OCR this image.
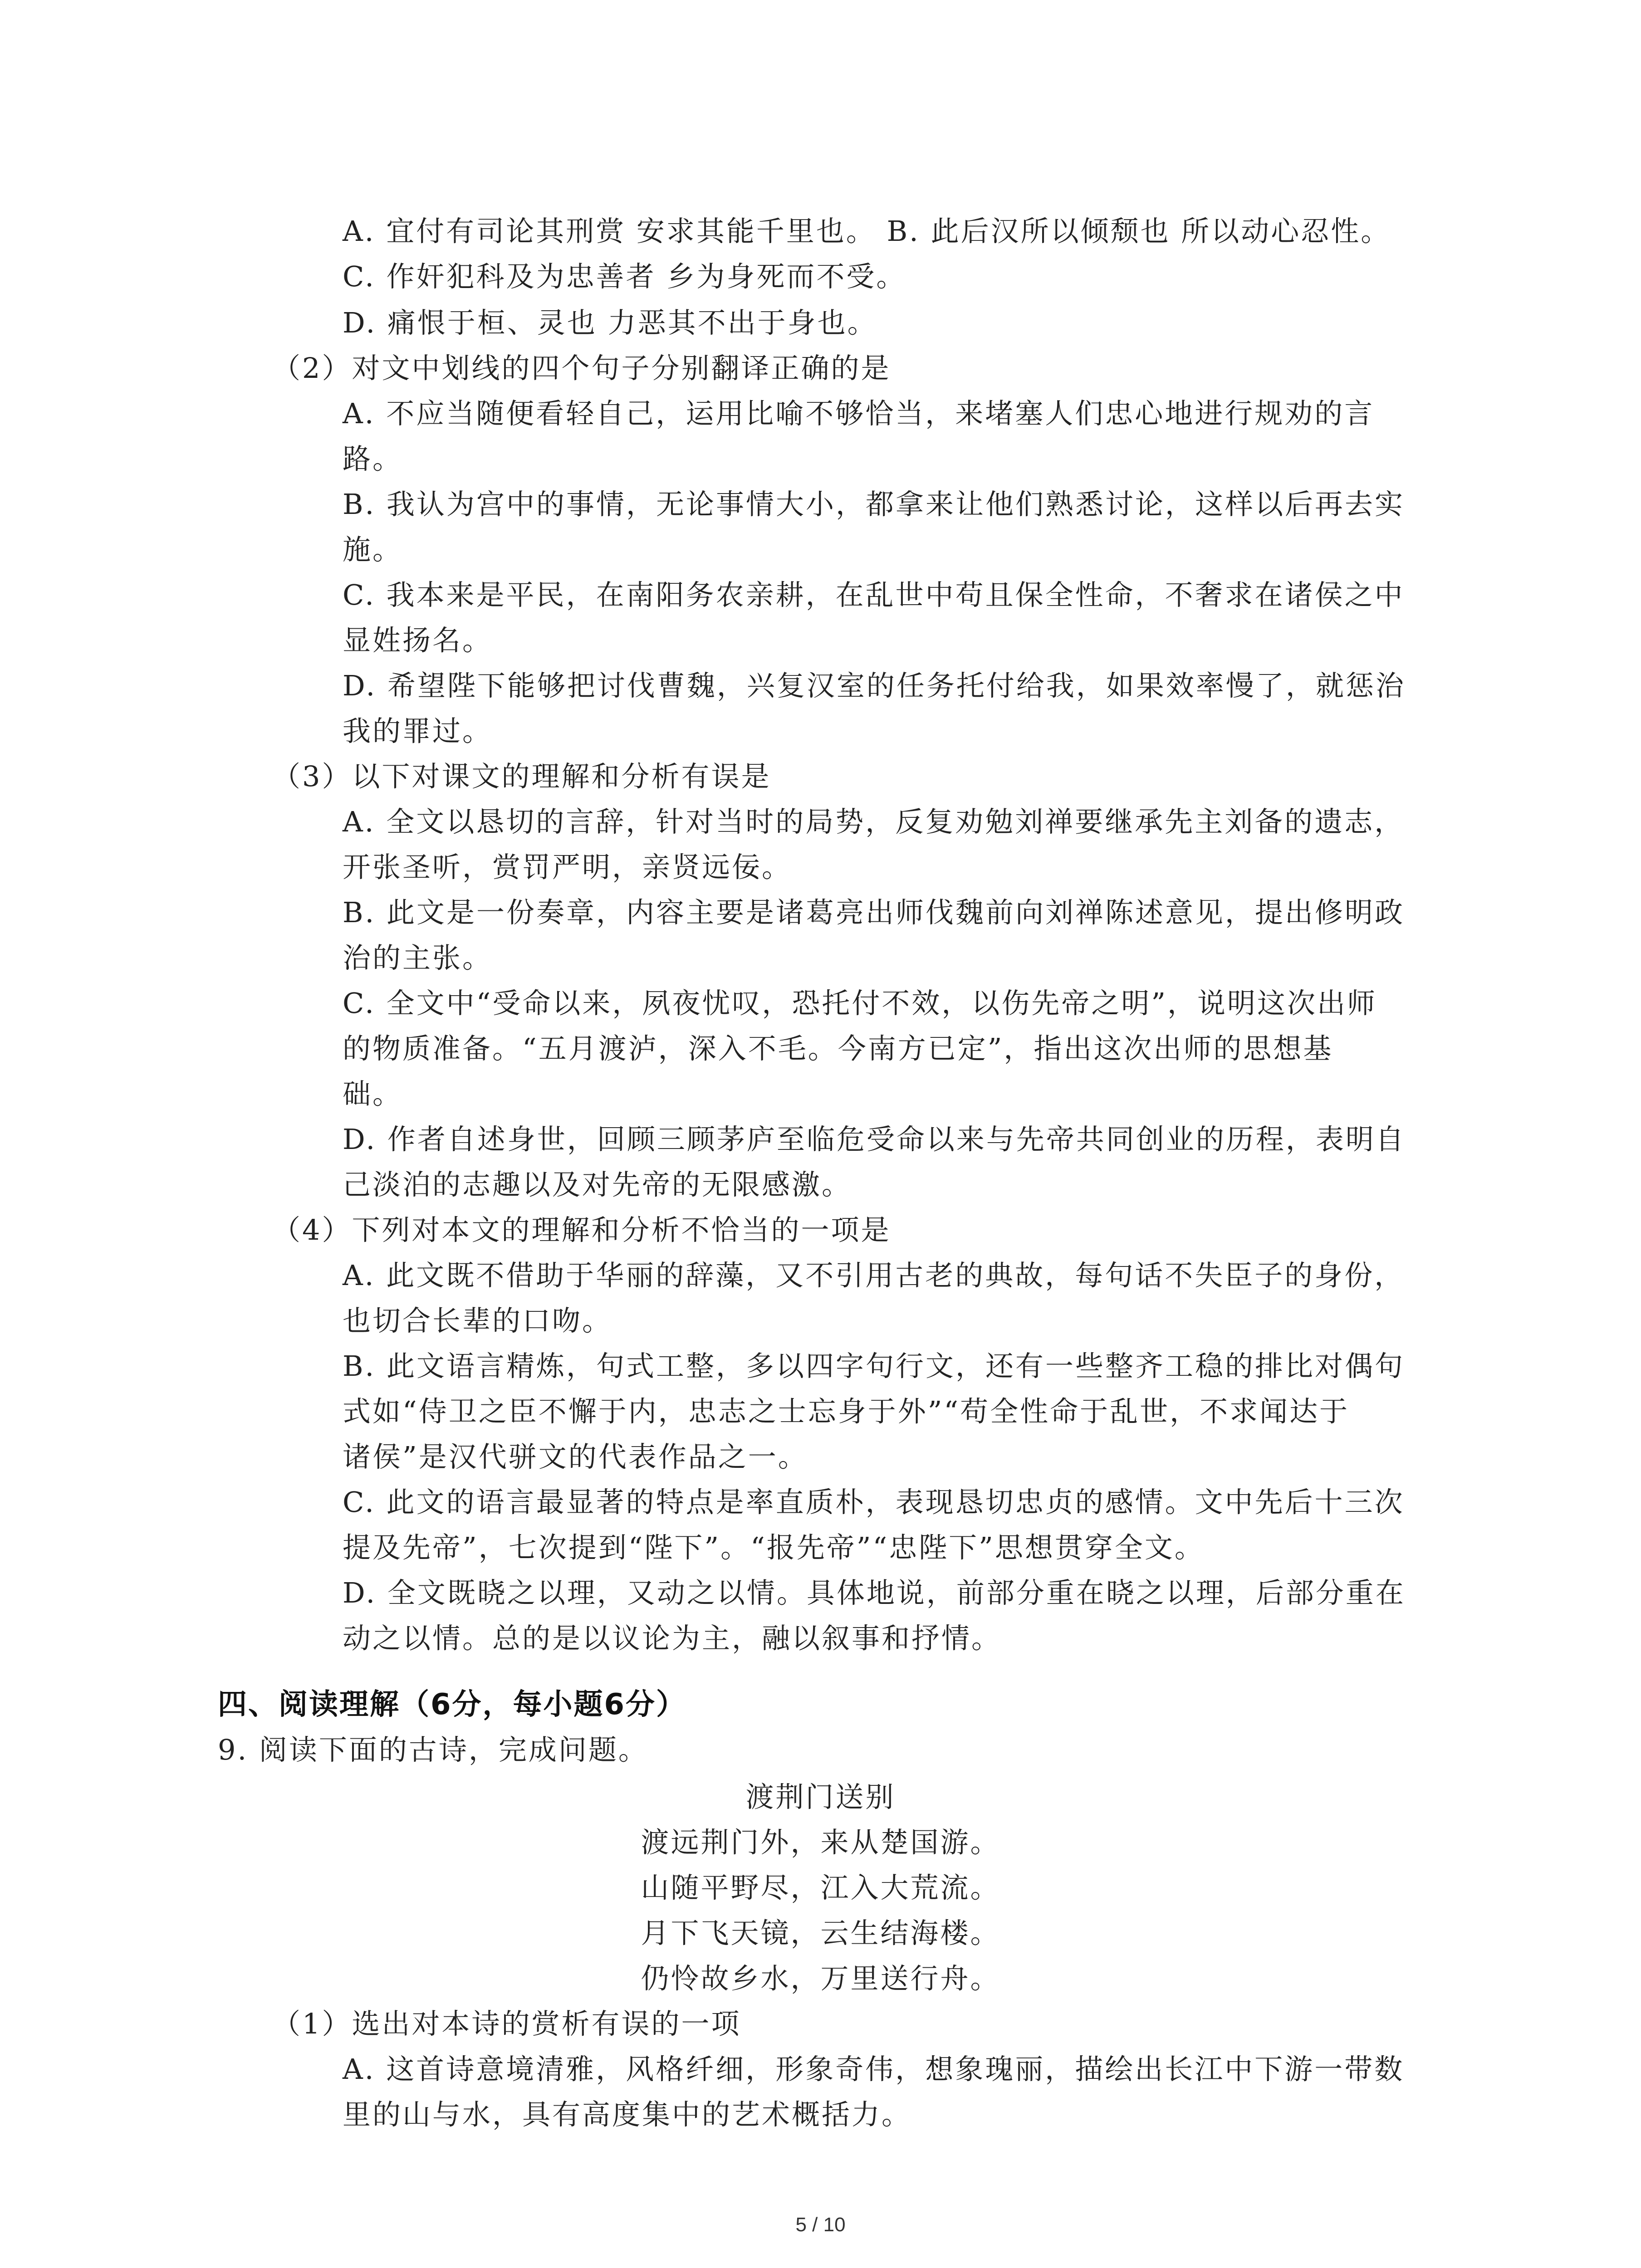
A. 宜付有司论其刑赏 安求其能千里也。 B. 此后汉所以倾颓也 所以动心忍性。
C. 作奸犯科及为忠善者 乡为身死而不受。
D. 痛恨于桓、灵也 力恶其不出于身也。
（2）对文中划线的四个句子分别翻译正确的是
A. 不应当随便看轻自己，运用比喻不够恰当，来堵塞人们忠心地进行规劝的言
路。
B. 我认为宫中的事情，无论事情大小，都拿来让他们熟悉讨论，这样以后再去实
施。
C. 我本来是平民，在南阳务农亲耕，在乱世中苟且保全性命，不奢求在诸侯之中
显姓扬名。
D. 希望陛下能够把讨伐曹魏，兴复汉室的任务托付给我，如果效率慢了，就惩治
我的罪过。
（3）以下对课文的理解和分析有误是
A. 全文以恳切的言辞，针对当时的局势，反复劝勉刘禅要继承先主刘备的遗志，
开张圣听，赏罚严明，亲贤远佞。
B. 此文是一份奏章，内容主要是诸葛亮出师伐魏前向刘禅陈述意见，提出修明政
治的主张。
C. 全文中“受命以来，夙夜忧叹，恐托付不效，以伤先帝之明”，说明这次出师
的物质准备。“五月渡泸，深入不毛。今南方已定”，指出这次出师的思想基
础。
D. 作者自述身世，回顾三顾茅庐至临危受命以来与先帝共同创业的历程，表明自
己淡泊的志趣以及对先帝的无限感激。
（4）下列对本文的理解和分析不恰当的一项是
A. 此文既不借助于华丽的辞藻，又不引用古老的典故，每句话不失臣子的身份，
也切合长辈的口吻。
B. 此文语言精炼，句式工整，多以四字句行文，还有一些整齐工稳的排比对偶句
式如“侍卫之臣不懈于内，忠志之士忘身于外”“苟全性命于乱世，不求闻达于
诸侯”是汉代骈文的代表作品之一。
C. 此文的语言最显著的特点是率直质朴，表现恳切忠贞的感情。文中先后十三次
提及先帝”，七次提到“陛下”。“报先帝”“忠陛下”思想贯穿全文。
D. 全文既晓之以理，又动之以情。具体地说，前部分重在晓之以理，后部分重在
动之以情。总的是以议论为主，融以叙事和抒情。
四、阅读理解（6分，每小题6分）
9. 阅读下面的古诗，完成问题。
渡荆门送别
渡远荆门外，来从楚国游。
山随平野尽，江入大荒流。
月下飞天镜，云生结海楼。
仍怜故乡水，万里送行舟。
（1）选出对本诗的赏析有误的一项
A. 这首诗意境清雅，风格纤细，形象奇伟，想象瑰丽，描绘出长江中下游一带数
里的山与水，具有高度集中的艺术概括力。
5 / 10
